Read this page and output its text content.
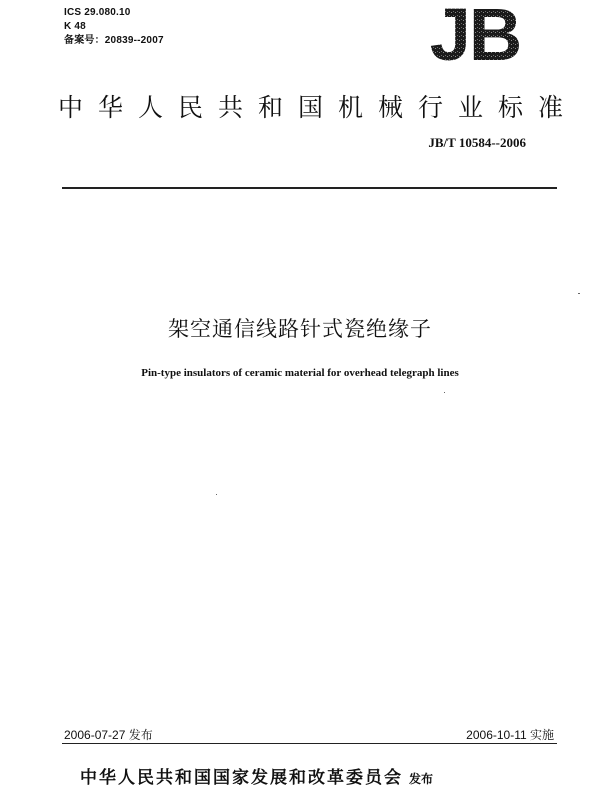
ICS 29.080.10
K 48
备案号：20839--2007	JB
中华人民共和国机械行业标准
JB/T 10584--2006
架空通信线路针式瓷绝缘子
Pin-type insulators of ceramic material for overhead telegraph lines
2006-07-27 发布	2006-10-11 实施
中华人民共和国国家发展和改革委员会 发布
